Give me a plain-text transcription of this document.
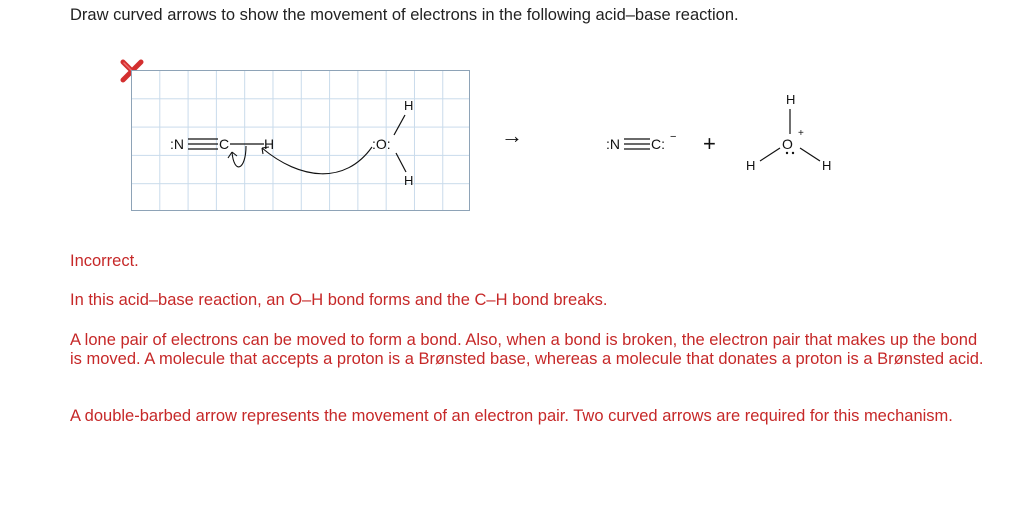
Draw curved arrows to show the movement of electrons in the following acid–base reaction.

:N	C H
H
:O:
H
→	:N C: − +
H
O
+
H	H

Incorrect.

In this acid–base reaction, an O–H bond forms and the C–H bond breaks.

A lone pair of electrons can be moved to form a bond. Also, when a bond is broken, the electron pair that makes up the bond is moved. A molecule that accepts a proton is a Brønsted base, whereas a molecule that donates a proton is a Brønsted acid.

A double-barbed arrow represents the movement of an electron pair. Two curved arrows are required for this mechanism.
